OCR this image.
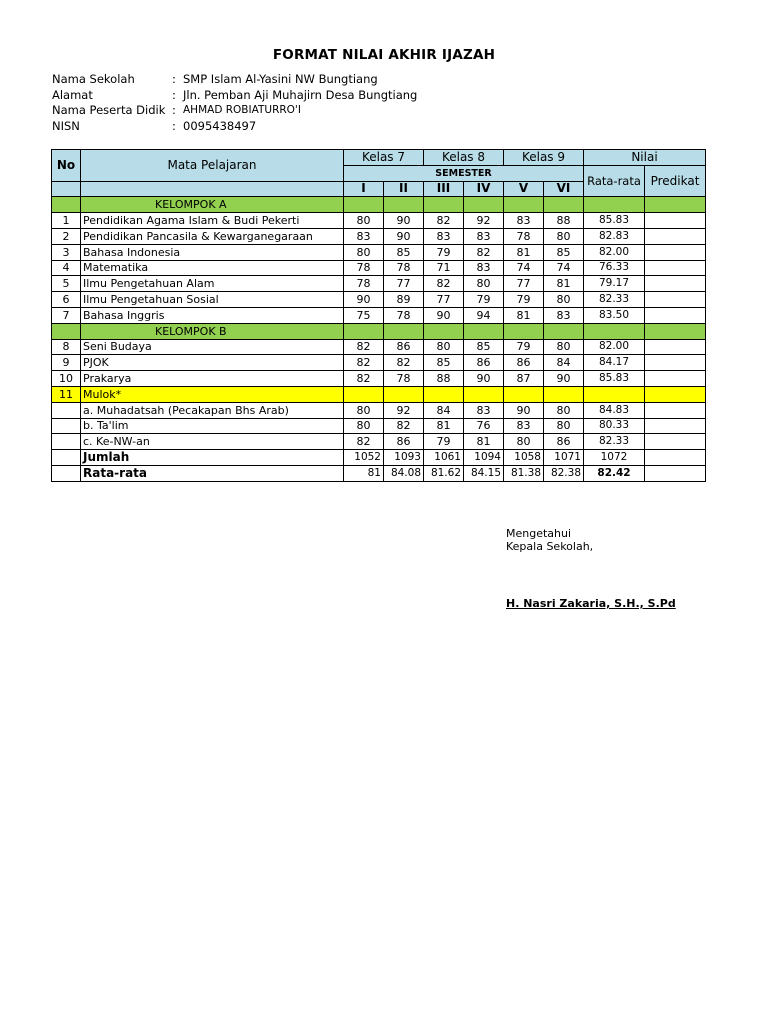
FORMAT NILAI AKHIR IJAZAH
Nama Sekolah	: SMP Islam Al-Yasini NW Bungtiang
Alamat	: Jln. Pemban Aji Muhajirn Desa Bungtiang
Nama Peserta Didik : AHMAD ROBIATURRO'I
NISN	: 0095438497
No	Mata Pelajaran	Kelas 7		Kelas 8		Kelas 9		Nilai	
		SEMESTER						Rata-rata	Predikat
		I	II	III	IV	V	VI		
	KELOMPOK A								
1	Pendidikan Agama Islam & Budi Pekerti	80	90	82	92	83	88	85.83	
2	Pendidikan Pancasila & Kewarganegaraan	83	90	83	83	78	80	82.83	
3	Bahasa Indonesia	80	85	79	82	81	85	82.00	
4	Matematika	78	78	71	83	74	74	76.33	
5	Ilmu Pengetahuan Alam	78	77	82	80	77	81	79.17	
6	Ilmu Pengetahuan Sosial	90	89	77	79	79	80	82.33	
7	Bahasa Inggris	75	78	90	94	81	83	83.50	
	KELOMPOK B								
8	Seni Budaya	82	86	80	85	79	80	82.00	
9	PJOK	82	82	85	86	86	84	84.17	
10	Prakarya	82	78	88	90	87	90	85.83	
11	Mulok*								
	a. Muhadatsah (Pecakapan Bhs Arab)	80	92	84	83	90	80	84.83	
	b. Ta'lim	80	82	81	76	83	80	80.33	
	c. Ke-NW-an	82	86	79	81	80	86	82.33	
	Jumlah	1052	1093	1061	1094	1058	1071	1072	
	Rata-rata	81	84.08	81.62	84.15	81.38	82.38	82.42	
Mengetahui
Kepala Sekolah,
H. Nasri Zakaria, S.H., S.Pd
